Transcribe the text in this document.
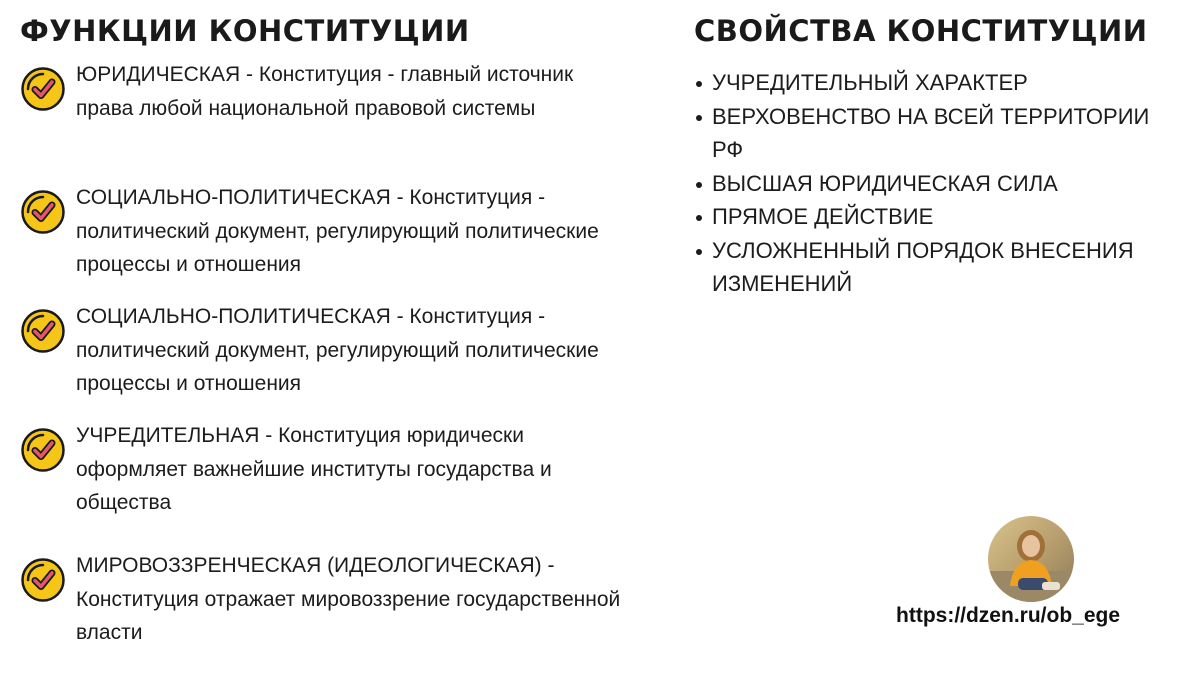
ФУНКЦИИ КОНСТИТУЦИИ
ЮРИДИЧЕСКАЯ - Конституция - главный источник права любой национальной правовой системы
СОЦИАЛЬНО-ПОЛИТИЧЕСКАЯ - Конституция - политический документ, регулирующий политические процессы и отношения
СОЦИАЛЬНО-ПОЛИТИЧЕСКАЯ - Конституция - политический документ, регулирующий политические процессы и отношения
УЧРЕДИТЕЛЬНАЯ - Конституция юридически оформляет важнейшие институты государства и общества
МИРОВОЗЗРЕНЧЕСКАЯ (ИДЕОЛОГИЧЕСКАЯ) - Конституция отражает мировоззрение государственной власти
СВОЙСТВА КОНСТИТУЦИИ
УЧРЕДИТЕЛЬНЫЙ ХАРАКТЕР
ВЕРХОВЕНСТВО НА ВСЕЙ ТЕРРИТОРИИ РФ
ВЫСШАЯ ЮРИДИЧЕСКАЯ СИЛА
ПРЯМОЕ ДЕЙСТВИЕ
УСЛОЖНЕННЫЙ ПОРЯДОК ВНЕСЕНИЯ ИЗМЕНЕНИЙ
https://dzen.ru/ob_ege
